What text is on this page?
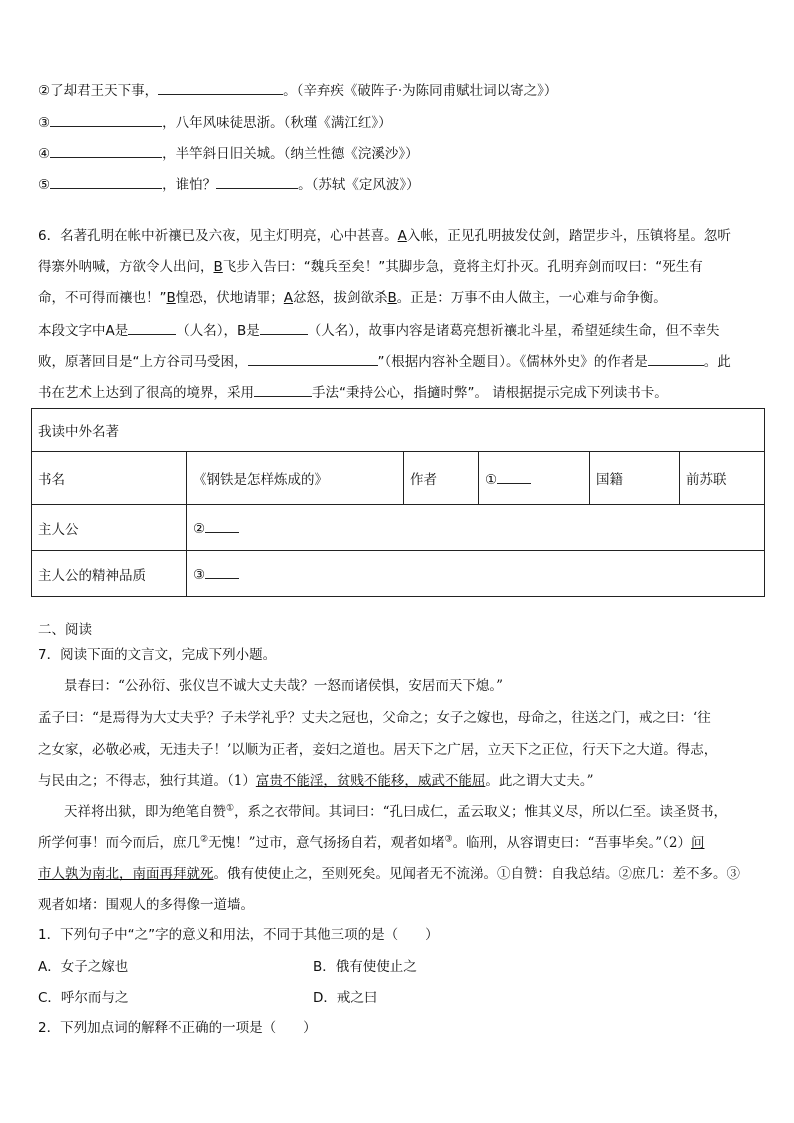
②了却君王天下事，	。（辛弃疾《破阵子·为陈同甫赋壮词以寄之》）
③	，八年风味徒思浙。（秋瑾《满江红》）
④	，半竿斜日旧关城。（纳兰性德《浣溪沙》）
⑤	，谁怕？	。（苏轼《定风波》）
6．名著孔明在帐中祈禳已及六夜，见主灯明亮，心中甚喜。A入帐，正见孔明披发仗剑，踏罡步斗，压镇将星。忽听
得寨外呐喊，方欲令人出问，B飞步入告曰：“魏兵至矣！”其脚步急，竟将主灯扑灭。孔明弃剑而叹曰：“死生有
命，不可得而禳也！”B惶恐，伏地请罪；A忿怒，拔剑欲杀B。正是：万事不由人做主，一心难与命争衡。
本段文字中A是	（人名），B是	（人名），故事内容是诸葛亮想祈禳北斗星，希望延续生命，但不幸失
败，原著回目是“上方谷司马受困，	”（根据内容补全题目）。《儒林外史》的作者是	。此
书在艺术上达到了很高的境界，采用	手法“秉持公心，指擿时弊”。 请根据提示完成下列读书卡。
我读中外名著					
书名	《钢铁是怎样炼成的》	作者	①	国籍	前苏联
主人公	②				
主人公的精神品质	③				
二、阅读
7．阅读下面的文言文，完成下列小题。
景春曰：“公孙衍、张仪岂不诚大丈夫哉？一怒而诸侯惧，安居而天下熄。”
孟子曰：“是焉得为大丈夫乎？子未学礼乎？丈夫之冠也，父命之；女子之嫁也，母命之，往送之门，戒之曰：‘往
之女家，必敬必戒，无违夫子！’以顺为正者，妾妇之道也。居天下之广居，立天下之正位，行天下之大道。得志，
与民由之；不得志，独行其道。（1）富贵不能淫，贫贱不能移，威武不能屈。此之谓大丈夫。”
天祥将出狱，即为绝笔自赞①，系之衣带间。其词曰：“孔曰成仁，孟云取义；惟其义尽，所以仁至。读圣贤书，
所学何事！而今而后，庶几②无愧！”过市，意气扬扬自若，观者如堵③。临刑，从容谓吏曰：“吾事毕矣。”（2）问
市人孰为南北，南面再拜就死。俄有使使止之，至则死矣。见闻者无不流涕。①自赞：自我总结。②庶几：差不多。③
观者如堵：围观人的多得像一道墙。
1．下列句子中“之”字的意义和用法，不同于其他三项的是（　　）
A．女子之嫁也	B．俄有使使止之
C．呼尔而与之	D．戒之曰
2．下列加点词的解释不正确的一项是（　　）
